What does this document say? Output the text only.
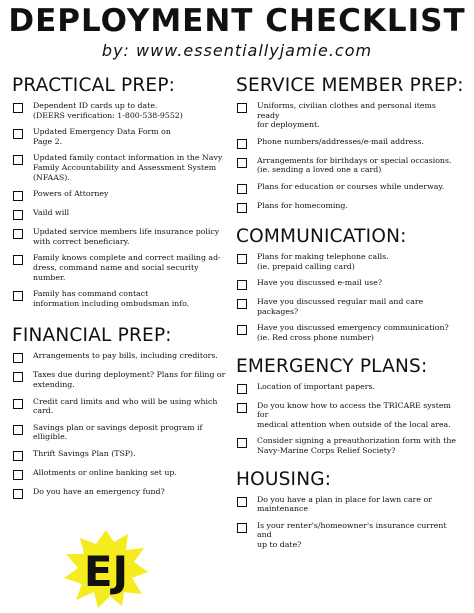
DEPLOYMENT CHECKLIST
by: www.essentiallyjamie.com
PRACTICAL PREP:
Dependent ID cards up to date.
(DEERS verification: 1-800-538-9552)
Updated Emergency Data Form on
Page 2.
Updated family contact information in the Navy
Family Accountability and Assessment System
(NFAAS).
Powers of Attorney
Vaild will
Updated service members life insurance policy
with correct beneficiary.
Family knows complete and correct mailing ad-
dress, command name and social security
number.
Family has command contact
information including ombudsman info.
FINANCIAL PREP:
Arrangements to pay bills, including creditors.
Taxes due during deployment? Plans for filing or
extending.
Credit card limits and who will be using which card.
Savings plan or savings deposit program if elligible.
Thrift Savings Plan (TSP).
Allotments or online banking set up.
Do you have an emergency fund?
SERVICE MEMBER PREP:
Uniforms, civilian clothes and personal items ready
for deployment.
Phone numbers/addresses/e-mail address.
Arrangements for birthdays or special occasions.
(ie. sending a loved one a card)
Plans for education or courses while underway.
Plans for homecoming.
COMMUNICATION:
Plans for making telephone calls.
(ie. prepaid calling card)
Have you discussed e-mail use?
Have you discussed regular mail and care packages?
Have you discussed emergency communication?
(ie. Red cross phone number)
EMERGENCY PLANS:
Location of important papers.
Do you know how to access the TRICARE system for
medical attention when outside of the local area.
Consider signing a preauthorization form with the
Navy-Marine Corps Relief Society?
HOUSING:
Do you have a plan in place for lawn care or
maintenance
Is your renter's/homeowner's insurance current and
up to date?
EJ
